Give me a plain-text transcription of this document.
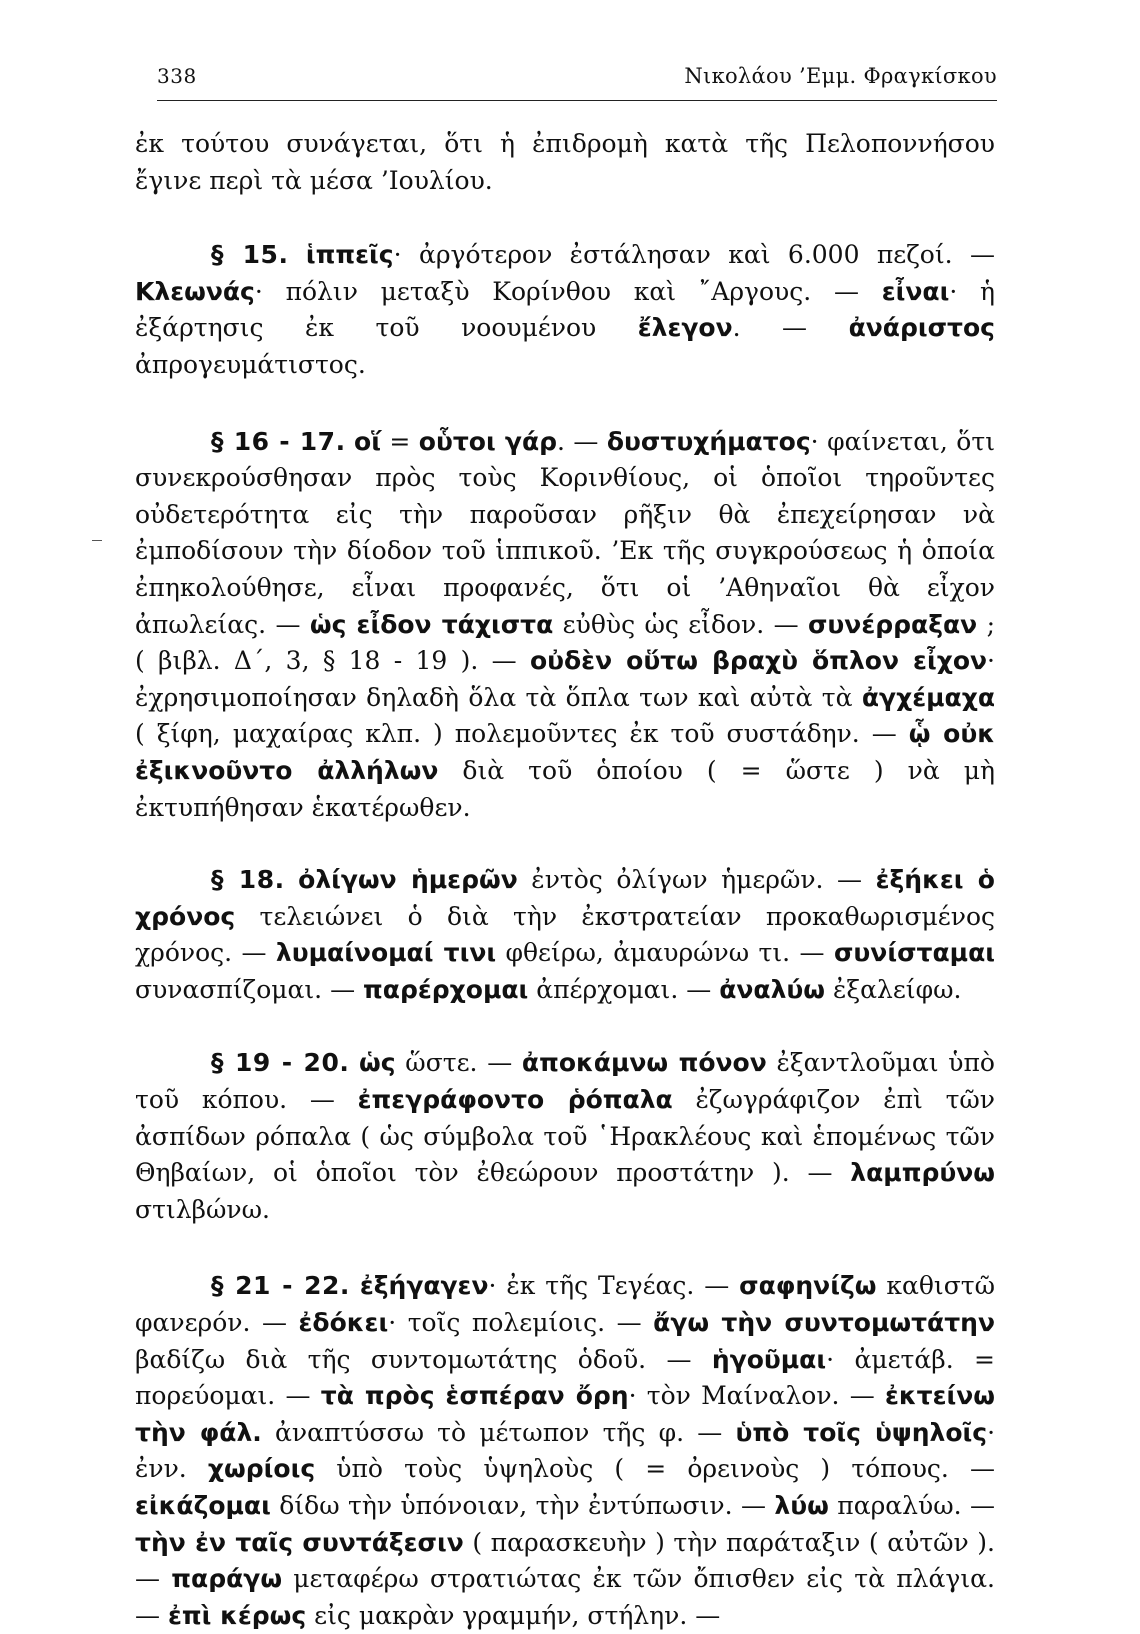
338	Νικολάου ’Εμμ. Φραγκίσκου

ἐκ τούτου συνάγεται, ὅτι ἡ ἐπιδρομὴ κατὰ τῆς Πελοποννήσου ἔγινε περὶ τὰ μέσα ’Ιουλίου.

§ 15. ἱππεῖς· ἀργότερον ἐστάλησαν καὶ 6.000 πεζοί. — Κλεωνάς· πόλιν μεταξὺ Κορίνθου καὶ ῎Αργους. — εἶναι· ἡ ἐξάρτησις ἐκ τοῦ νοουμένου ἔλεγον. — ἀνάριστος ἀπρογευμάτιστος.

§ 16 - 17. οἵ = οὗτοι γάρ. — δυστυχήματος· φαίνεται, ὅτι συνεκρούσθησαν πρὸς τοὺς Κορινθίους, οἱ ὁποῖοι τηροῦντες οὐδετερότητα εἰς τὴν παροῦσαν ρῆξιν θὰ ἐπεχείρησαν νὰ ἐμποδίσουν τὴν δίοδον τοῦ ἱππικοῦ. ’Εκ τῆς συγκρούσεως ἡ ὁποία ἐπηκολούθησε, εἶναι προφανές, ὅτι οἱ ’Αθηναῖοι θὰ εἶχον ἀπωλείας. — ὡς εἶδον τάχιστα εὐθὺς ὡς εἶδον. — συνέρραξαν ; ( βιβλ. Δ΄, 3, § 18 - 19 ). — οὐδὲν οὕτω βραχὺ ὅπλον εἶχον· ἐχρησιμοποίησαν δηλαδὴ ὅλα τὰ ὅπλα των καὶ αὐτὰ τὰ ἀγχέμαχα ( ξίφη, μαχαίρας κλπ. ) πολεμοῦντες ἐκ τοῦ συστάδην. — ᾧ οὐκ ἐξικνοῦντο ἀλλήλων διὰ τοῦ ὁποίου ( = ὥστε ) νὰ μὴ ἐκτυπήθησαν ἑκατέρωθεν.

§ 18. ὀλίγων ἡμερῶν ἐντὸς ὀλίγων ἡμερῶν. — ἐξήκει ὁ χρόνος τελειώνει ὁ διὰ τὴν ἐκστρατείαν προκαθωρισμένος χρόνος. — λυμαίνομαί τινι φθείρω, ἀμαυρώνω τι. — συνίσταμαι συνασπίζομαι. — παρέρχομαι ἀπέρχομαι. — ἀναλύω ἐξαλείφω.

§ 19 - 20. ὡς ὥστε. — ἀποκάμνω πόνον ἐξαντλοῦμαι ὑπὸ τοῦ κόπου. — ἐπεγράφοντο ῥόπαλα ἐζωγράφιζον ἐπὶ τῶν ἀσπίδων ρόπαλα ( ὡς σύμβολα τοῦ ῾Ηρακλέους καὶ ἑπομένως τῶν Θηβαίων, οἱ ὁποῖοι τὸν ἐθεώρουν προστάτην ). — λαμπρύνω στιλβώνω.

§ 21 - 22. ἐξήγαγεν· ἐκ τῆς Τεγέας. — σαφηνίζω καθιστῶ φανερόν. — ἐδόκει· τοῖς πολεμίοις. — ἄγω τὴν συντομωτάτην βαδίζω διὰ τῆς συντομωτάτης ὁδοῦ. — ἡγοῦμαι· ἀμετάβ. = πορεύομαι. — τὰ πρὸς ἑσπέραν ὄρη· τὸν Μαίναλον. — ἐκτείνω τὴν φάλ. ἀναπτύσσω τὸ μέτωπον τῆς φ. — ὑπὸ τοῖς ὑψηλοῖς· ἐνν. χωρίοις ὑπὸ τοὺς ὑψηλοὺς ( = ὀρεινοὺς ) τόπους. — εἰκάζομαι δίδω τὴν ὑπόνοιαν, τὴν ἐντύπωσιν. — λύω παραλύω. — τὴν ἐν ταῖς συντάξεσιν ( παρασκευὴν ) τὴν παράταξιν ( αὐτῶν ). — παράγω μεταφέρω στρατιώτας ἐκ τῶν ὄπισθεν εἰς τὰ πλάγια. — ἐπὶ κέρως εἰς μακρὰν γραμμήν, στήλην. —
